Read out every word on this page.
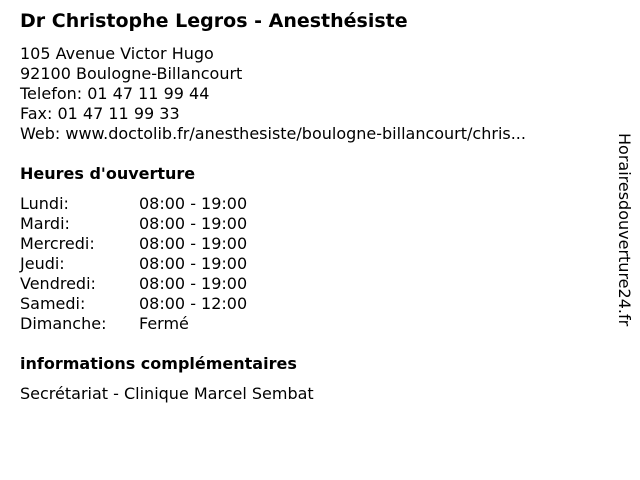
Dr Christophe Legros - Anesthésiste
105 Avenue Victor Hugo
92100 Boulogne-Billancourt
Telefon: 01 47 11 99 44
Fax: 01 47 11 99 33
Web: www.doctolib.fr/anesthesiste/boulogne-billancourt/chris...
Heures d'ouverture
Lundi:	08:00 - 19:00
Mardi:	08:00 - 19:00
Mercredi:	08:00 - 19:00
Jeudi:	08:00 - 19:00
Vendredi:	08:00 - 19:00
Samedi:	08:00 - 12:00
Dimanche:	Fermé
informations complémentaires
Secrétariat - Clinique Marcel Sembat
Horairesdouverture24.fr
